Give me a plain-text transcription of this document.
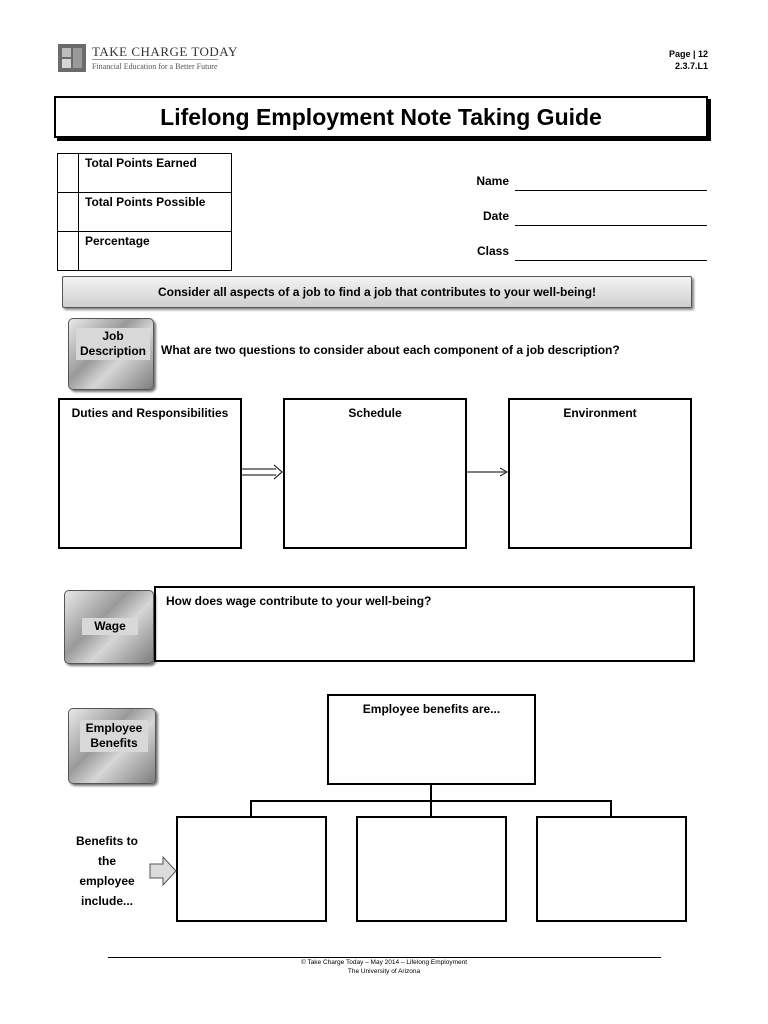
TAKE CHARGE TODAY
Financial Education for a Better Future
Page | 12
2.3.7.L1
Lifelong Employment Note Taking Guide
	Total Points Earned
	Total Points Possible
	Percentage
Name
Date
Class
Consider all aspects of a job to find a job that contributes to your well-being!
Job Description	What are two questions to consider about each component of a job description?
Duties and Responsibilities	Schedule	Environment
Wage
How does wage contribute to your well-being?
Employee Benefits
Employee benefits are...
Benefits to the employee include...
© Take Charge Today – May 2014 – Lifelong Employment
The University of Arizona
